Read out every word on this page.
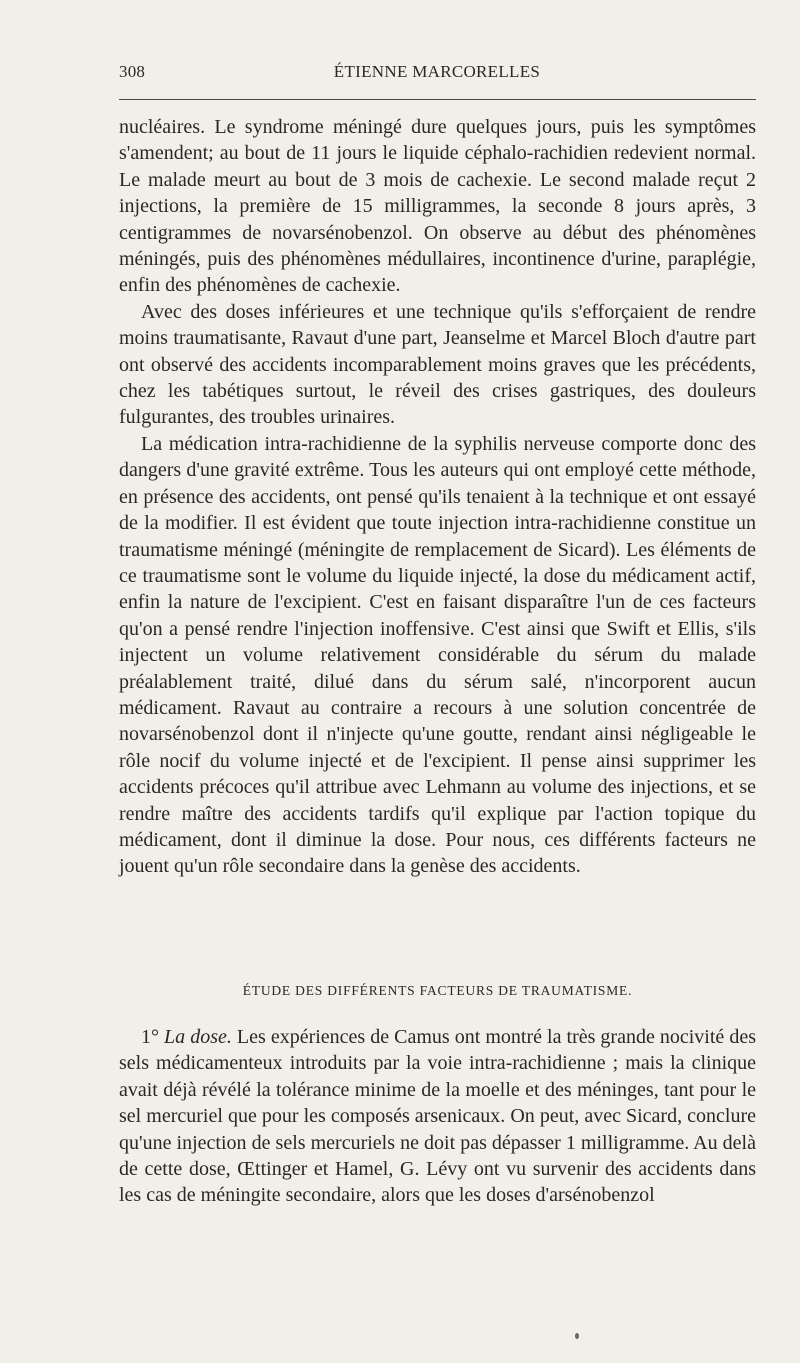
308	ÉTIENNE MARCORELLES

nucléaires. Le syndrome méningé dure quelques jours, puis les symptômes s'amendent; au bout de 11 jours le liquide céphalo-rachidien redevient normal. Le malade meurt au bout de 3 mois de cachexie. Le second malade reçut 2 injections, la première de 15 milligrammes, la seconde 8 jours après, 3 centigrammes de novarsénobenzol. On observe au début des phénomènes méningés, puis des phénomènes médullaires, incontinence d'urine, paraplégie, enfin des phénomènes de cachexie.

Avec des doses inférieures et une technique qu'ils s'efforçaient de rendre moins traumatisante, Ravaut d'une part, Jeanselme et Marcel Bloch d'autre part ont observé des accidents incomparablement moins graves que les précédents, chez les tabétiques surtout, le réveil des crises gastriques, des douleurs fulgurantes, des troubles urinaires.

La médication intra-rachidienne de la syphilis nerveuse comporte donc des dangers d'une gravité extrême. Tous les auteurs qui ont employé cette méthode, en présence des accidents, ont pensé qu'ils tenaient à la technique et ont essayé de la modifier. Il est évident que toute injection intra-rachidienne constitue un traumatisme méningé (méningite de remplacement de Sicard). Les éléments de ce traumatisme sont le volume du liquide injecté, la dose du médicament actif, enfin la nature de l'excipient. C'est en faisant disparaître l'un de ces facteurs qu'on a pensé rendre l'injection inoffensive. C'est ainsi que Swift et Ellis, s'ils injectent un volume relativement considérable du sérum du malade préalablement traité, dilué dans du sérum salé, n'incorporent aucun médicament. Ravaut au contraire a recours à une solution concentrée de novarsénobenzol dont il n'injecte qu'une goutte, rendant ainsi négligeable le rôle nocif du volume injecté et de l'excipient. Il pense ainsi supprimer les accidents précoces qu'il attribue avec Lehmann au volume des injections, et se rendre maître des accidents tardifs qu'il explique par l'action topique du médicament, dont il diminue la dose. Pour nous, ces différents facteurs ne jouent qu'un rôle secondaire dans la genèse des accidents.

ÉTUDE DES DIFFÉRENTS FACTEURS DE TRAUMATISME.

1° La dose. Les expériences de Camus ont montré la très grande nocivité des sels médicamenteux introduits par la voie intra-rachidienne ; mais la clinique avait déjà révélé la tolérance minime de la moelle et des méninges, tant pour le sel mercuriel que pour les composés arsenicaux. On peut, avec Sicard, conclure qu'une injection de sels mercuriels ne doit pas dépasser 1 milligramme. Au delà de cette dose, Œttinger et Hamel, G. Lévy ont vu survenir des accidents dans les cas de méningite secondaire, alors que les doses d'arsénobenzol
